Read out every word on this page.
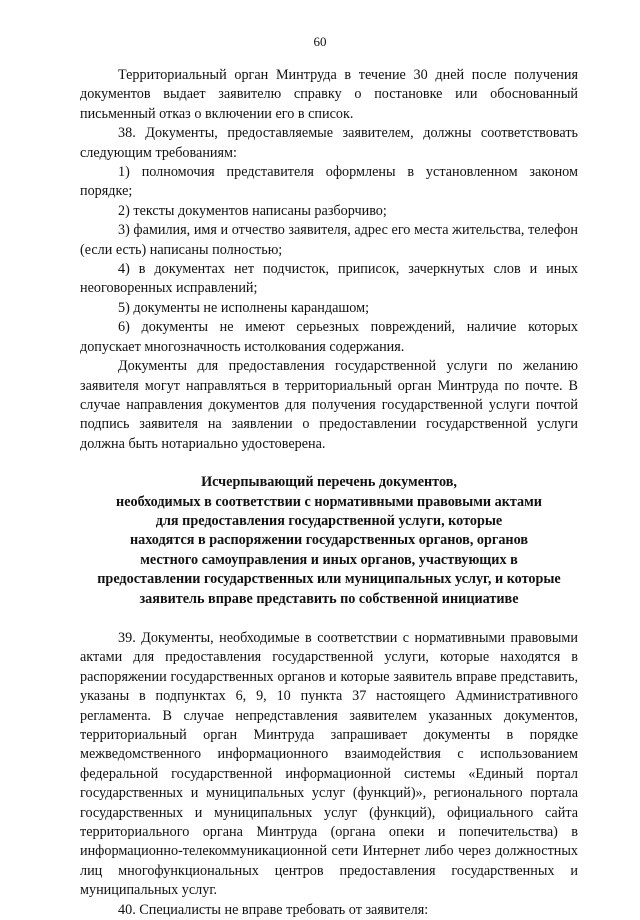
60

Территориальный орган Минтруда в течение 30 дней после получения документов выдает заявителю справку о постановке или обоснованный письменный отказ о включении его в список.

38. Документы, предоставляемые заявителем, должны соответствовать следующим требованиям:

1) полномочия представителя оформлены в установленном законом порядке;

2) тексты документов написаны разборчиво;

3) фамилия, имя и отчество заявителя, адрес его места жительства, телефон (если есть) написаны полностью;

4) в документах нет подчисток, приписок, зачеркнутых слов и иных неоговоренных исправлений;

5) документы не исполнены карандашом;

6) документы не имеют серьезных повреждений, наличие которых допускает многозначность истолкования содержания.

Документы для предоставления государственной услуги по желанию заявителя могут направляться в территориальный орган Минтруда по почте. В случае направления документов для получения государственной услуги почтой подпись заявителя на заявлении о предоставлении государственной услуги должна быть нотариально удостоверена.

Исчерпывающий перечень документов,
необходимых в соответствии с нормативными правовыми актами
для предоставления государственной услуги, которые
находятся в распоряжении государственных органов, органов
местного самоуправления и иных органов, участвующих в
предоставлении государственных или муниципальных услуг, и которые
заявитель вправе представить по собственной инициативе

39. Документы, необходимые в соответствии с нормативными правовыми актами для предоставления государственной услуги, которые находятся в распоряжении государственных органов и которые заявитель вправе представить, указаны в подпунктах 6, 9, 10 пункта 37 настоящего Административного регламента. В случае непредставления заявителем указанных документов, территориальный орган Минтруда запрашивает документы в порядке межведомственного информационного взаимодействия с использованием федеральной государственной информационной системы «Единый портал государственных и муниципальных услуг (функций)», регионального портала государственных и муниципальных услуг (функций), официального сайта территориального органа Минтруда (органа опеки и попечительства) в информационно-телекоммуникационной сети Интернет либо через должностных лиц многофункциональных центров предоставления государственных и муниципальных услуг.

40. Специалисты не вправе требовать от заявителя:
